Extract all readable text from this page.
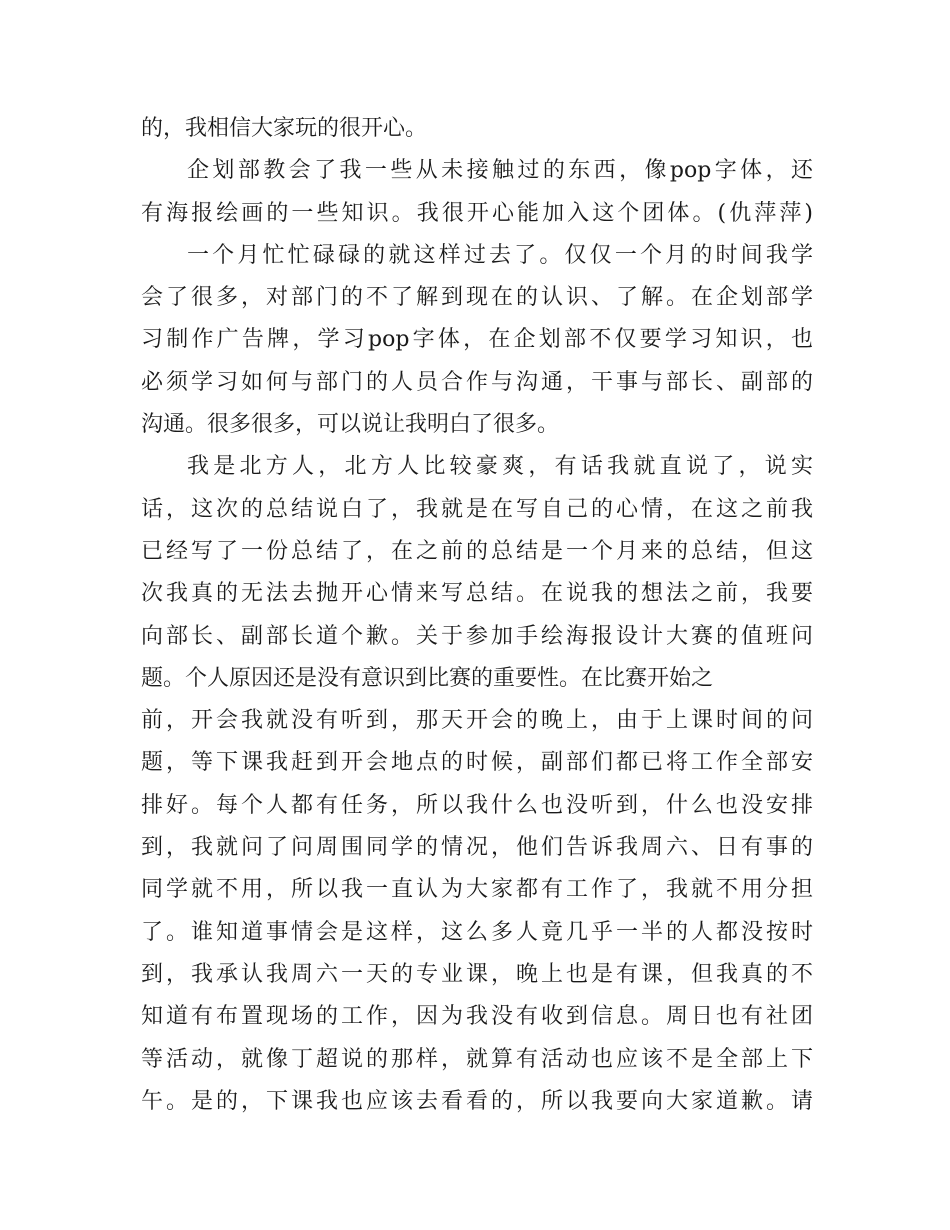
的，我相信大家玩的很开心。
企划部教会了我一些从未接触过的东西，像pop字体，还
有海报绘画的一些知识。我很开心能加入这个团体。(仇萍萍)
一个月忙忙碌碌的就这样过去了。仅仅一个月的时间我学
会了很多，对部门的不了解到现在的认识、了解。在企划部学
习制作广告牌，学习pop字体，在企划部不仅要学习知识，也
必须学习如何与部门的人员合作与沟通，干事与部长、副部的
沟通。很多很多，可以说让我明白了很多。
我是北方人，北方人比较豪爽，有话我就直说了，说实
话，这次的总结说白了，我就是在写自己的心情，在这之前我
已经写了一份总结了，在之前的总结是一个月来的总结，但这
次我真的无法去抛开心情来写总结。在说我的想法之前，我要
向部长、副部长道个歉。关于参加手绘海报设计大赛的值班问
题。个人原因还是没有意识到比赛的重要性。在比赛开始之
前，开会我就没有听到，那天开会的晚上，由于上课时间的问
题，等下课我赶到开会地点的时候，副部们都已将工作全部安
排好。每个人都有任务，所以我什么也没听到，什么也没安排
到，我就问了问周围同学的情况，他们告诉我周六、日有事的
同学就不用，所以我一直认为大家都有工作了，我就不用分担
了。谁知道事情会是这样，这么多人竟几乎一半的人都没按时
到，我承认我周六一天的专业课，晚上也是有课，但我真的不
知道有布置现场的工作，因为我没有收到信息。周日也有社团
等活动，就像丁超说的那样，就算有活动也应该不是全部上下
午。是的，下课我也应该去看看的，所以我要向大家道歉。请
